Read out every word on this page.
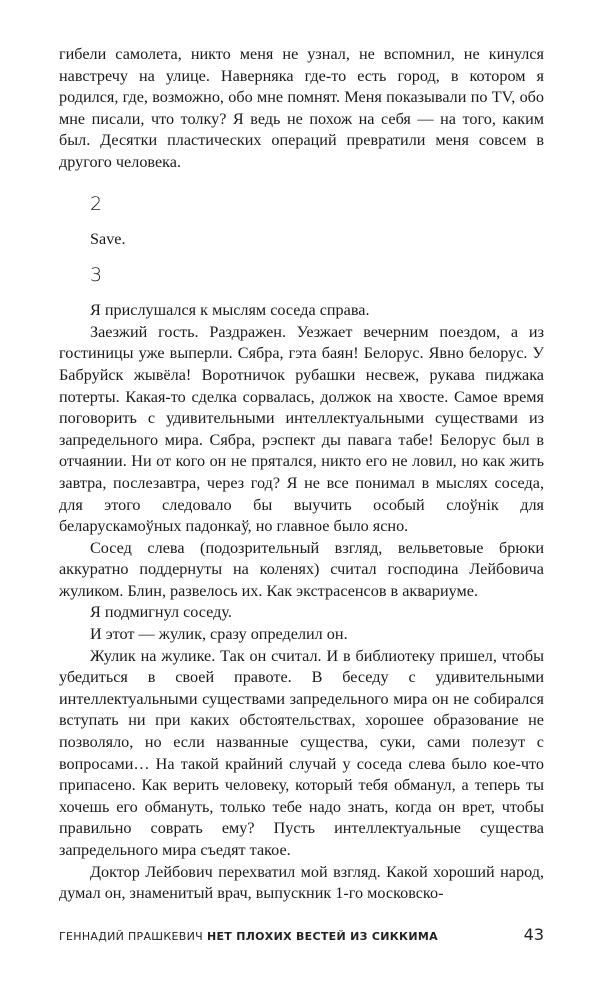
гибели самолета, никто меня не узнал, не вспомнил, не кинулся навстречу на улице. Наверняка где-то есть город, в котором я родился, где, возможно, обо мне помнят. Меня показывали по TV, обо мне писали, что толку? Я ведь не похож на себя — на того, каким был. Десятки пластических операций превратили меня совсем в другого человека.

2

Save.

3

Я прислушался к мыслям соседа справа.

Заезжий гость. Раздражен. Уезжает вечерним поездом, а из гостиницы уже выперли. Сябра, гэта баян! Белорус. Явно белорус. У Бабруйск жывёла! Воротничок рубашки несвеж, рукава пиджака потерты. Какая-то сделка сорвалась, должок на хвосте. Самое время поговорить с удивительными интеллектуальными существами из запредельного мира. Сябра, рэспект ды павага табе! Белорус был в отчаянии. Ни от кого он не прятался, никто его не ловил, но как жить завтра, послезавтра, через год? Я не все понимал в мыслях соседа, для этого следовало бы выучить особый слоўнік для беларускамоўных падонкаў, но главное было ясно.

Сосед слева (подозрительный взгляд, вельветовые брюки аккуратно поддернуты на коленях) считал господина Лейбовича жуликом. Блин, развелось их. Как экстрасенсов в аквариуме.

Я подмигнул соседу.

И этот — жулик, сразу определил он.

Жулик на жулике. Так он считал. И в библиотеку пришел, чтобы убедиться в своей правоте. В беседу с удивительными интеллектуальными существами запредельного мира он не собирался вступать ни при каких обстоятельствах, хорошее образование не позволяло, но если названные существа, суки, сами полезут с вопросами… На такой крайний случай у соседа слева было кое-что припасено. Как верить человеку, который тебя обманул, а теперь ты хочешь его обмануть, только тебе надо знать, когда он врет, чтобы правильно соврать ему? Пусть интеллектуальные существа запредельного мира съедят такое.

Доктор Лейбович перехватил мой взгляд. Какой хороший народ, думал он, знаменитый врач, выпускник 1-го московско-

ГЕННАДИЙ ПРАШКЕВИЧ НЕТ ПЛОХИХ ВЕСТЕЙ ИЗ СИККИМА	43
